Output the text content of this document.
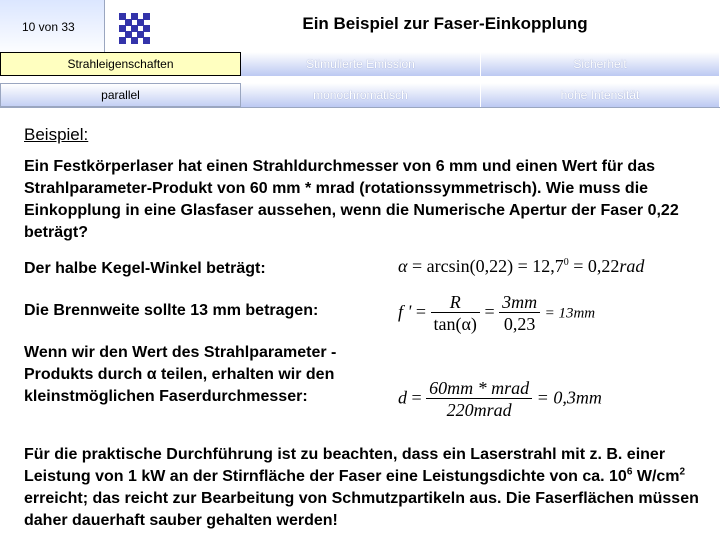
10 von 33	Ein Beispiel zur Faser-Einkopplung
Strahleigenschaften	Stimulierte Emission	Sicherheit
parallel	monochromatisch	hohe Intensität
Beispiel:
Ein Festkörperlaser hat einen Strahldurchmesser von 6 mm und einen Wert für das Strahlparameter-Produkt von 60 mm * mrad (rotationssymmetrisch). Wie muss die Einkopplung in eine Glasfaser aussehen, wenn die Numerische Apertur der Faser 0,22 beträgt?
Der halbe Kegel-Winkel beträgt:	$\alpha = \arcsin(0,22) = 12,7^0 = 0,22rad$
Die Brennweite sollte 13 mm betragen:	f ' = $\frac{R}{\tan(\alpha)} = \frac{3mm}{0,23} = 13mm$
Wenn wir den Wert des Strahlparameter -Produkts durch α teilen, erhalten wir den kleinstmöglichen Faserdurchmesser:	$d = \frac{\text{60mm * mrad}}{\text{220mrad}} = 0,3mm$
Für die praktische Durchführung ist zu beachten, dass ein Laserstrahl mit z. B. einer Leistung von 1 kW an der Stirnfläche der Faser eine Leistungsdichte von ca. $10^6$ $W/cm^2$ erreicht; das reicht zur Bearbeitung von Schmutzpartikeln aus. Die Faserflächen müssen daher dauerhaft sauber gehalten werden!
